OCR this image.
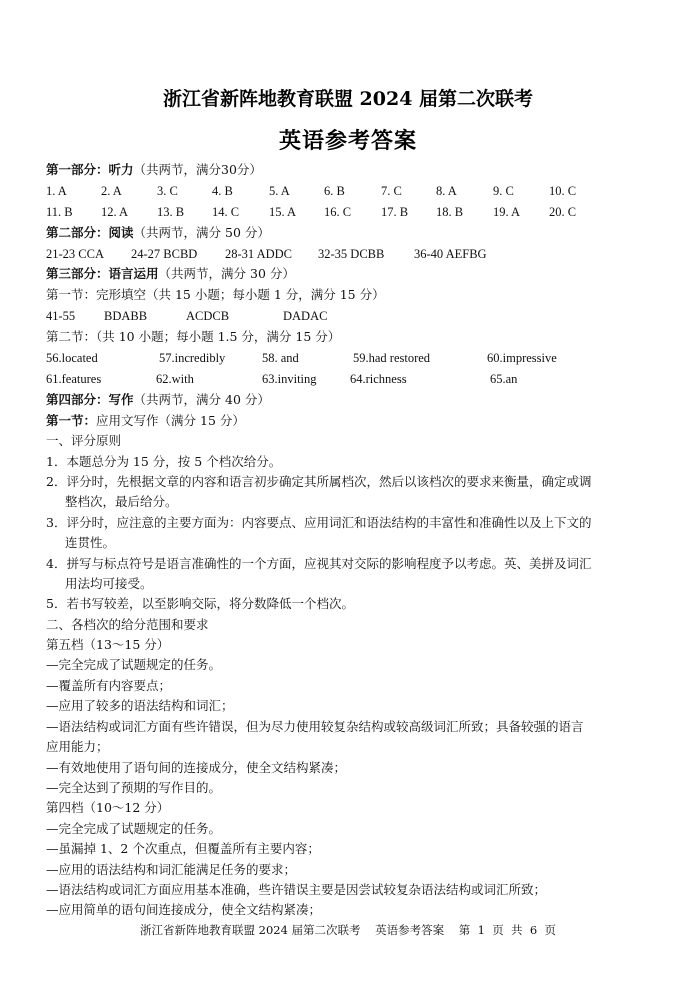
浙江省新阵地教育联盟 2024 届第二次联考
英语参考答案
第一部分：听力（共两节，满分30分）
1. A	2. A	3. C	4. B	5. A	6. B	7. C	8. A	9. C	10. C
11. B 12. A 13. B 14. C 15. A 16. C 17. B 18. B 19. A 20. C
第二部分：阅读（共两节，满分 50 分）
21-23 CCA 24-27 BCBD 28-31 ADDC 32-35 DCBB 36-40 AEFBG
第三部分：语言运用（共两节，满分 30 分）
第一节：完形填空（共 15 小题；每小题 1 分，满分 15 分）
41-55 BDABB	ACDCB	DADAC
第二节：（共 10 小题；每小题 1.5 分，满分 15 分）
56.located	57.incredibly	58. and	59.had restored	60.impressive
61.features	62.with	63.inviting	64.richness	65.an
第四部分：写作（共两节，满分 40 分）
第一节：应用文写作（满分 15 分）
一、评分原则
1．本题总分为 15 分，按 5 个档次给分。
2．评分时，先根据文章的内容和语言初步确定其所属档次，然后以该档次的要求来衡量，确定或调
整档次，最后给分。
3．评分时，应注意的主要方面为：内容要点、应用词汇和语法结构的丰富性和准确性以及上下文的
连贯性。
4．拼写与标点符号是语言准确性的一个方面，应视其对交际的影响程度予以考虑。英、美拼及词汇
用法均可接受。
5．若书写较差，以至影响交际，将分数降低一个档次。
二、各档次的给分范围和要求
第五档（13～15 分）
—完全完成了试题规定的任务。
—覆盖所有内容要点；
—应用了较多的语法结构和词汇；
—语法结构或词汇方面有些许错误，但为尽力使用较复杂结构或较高级词汇所致；具备较强的语言
应用能力；
—有效地使用了语句间的连接成分，使全文结构紧凑；
—完全达到了预期的写作目的。
第四档（10～12 分）
—完全完成了试题规定的任务。
—虽漏掉 1、2 个次重点，但覆盖所有主要内容；
—应用的语法结构和词汇能满足任务的要求；
—语法结构或词汇方面应用基本准确，些许错误主要是因尝试较复杂语法结构或词汇所致；
—应用简单的语句间连接成分，使全文结构紧凑；
浙江省新阵地教育联盟 2024 届第二次联考    英语参考答案    第  1  页  共  6  页
